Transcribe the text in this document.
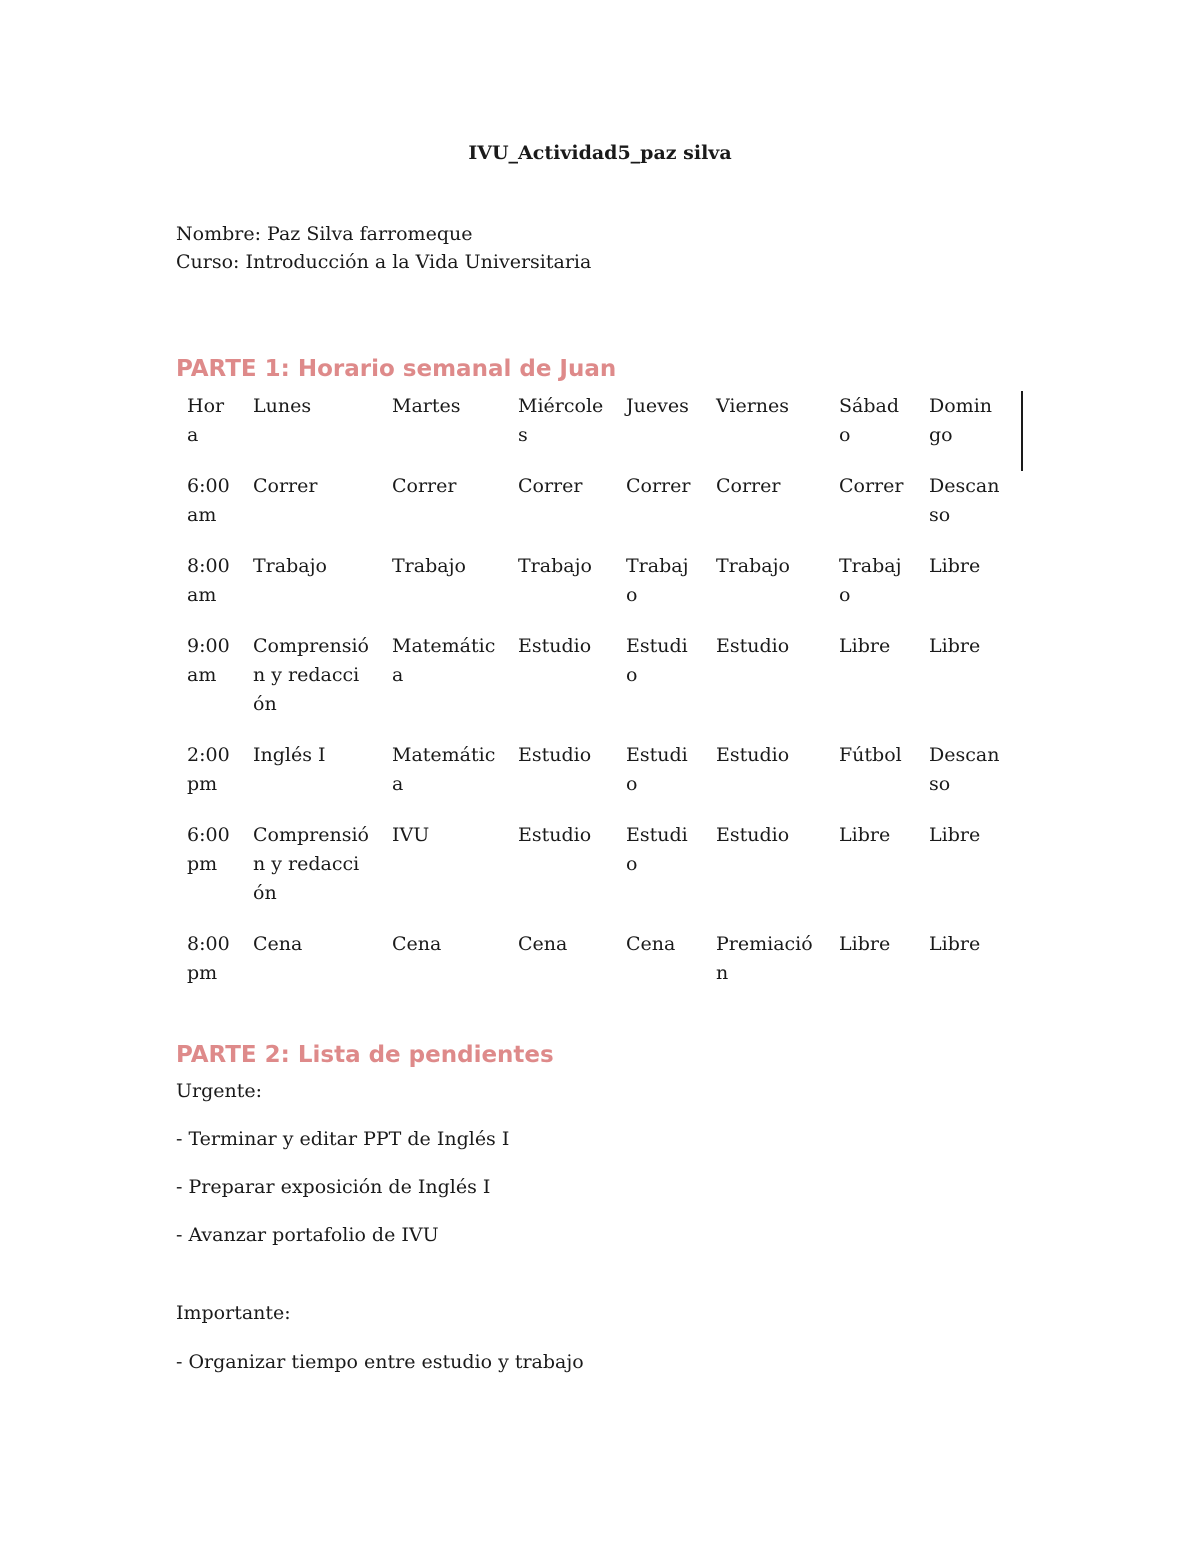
IVU_Actividad5_paz silva
Nombre: Paz Silva farromeque
Curso: Introducción a la Vida Universitaria
PARTE 1: Horario semanal de Juan
Hora	Lunes	Martes	Miércoles	Jueves	Viernes	Sábado	Domingo
6:00 am	Correr	Correr	Correr	Correr	Correr	Correr	Descanso
8:00 am	Trabajo	Trabajo	Trabajo	Trabajo	Trabajo	Trabajo	Libre
9:00 am	Comprensión y redacción	Matemática	Estudio	Estudio	Estudio	Libre	Libre
2:00 pm	Inglés I	Matemática	Estudio	Estudio	Estudio	Fútbol	Descanso
6:00 pm	Comprensión y redacción	IVU	Estudio	Estudio	Estudio	Libre	Libre
8:00 pm	Cena	Cena	Cena	Cena	Premiación	Libre	Libre
PARTE 2: Lista de pendientes
Urgente:
- Terminar y editar PPT de Inglés I
- Preparar exposición de Inglés I
- Avanzar portafolio de IVU
Importante:
- Organizar tiempo entre estudio y trabajo
